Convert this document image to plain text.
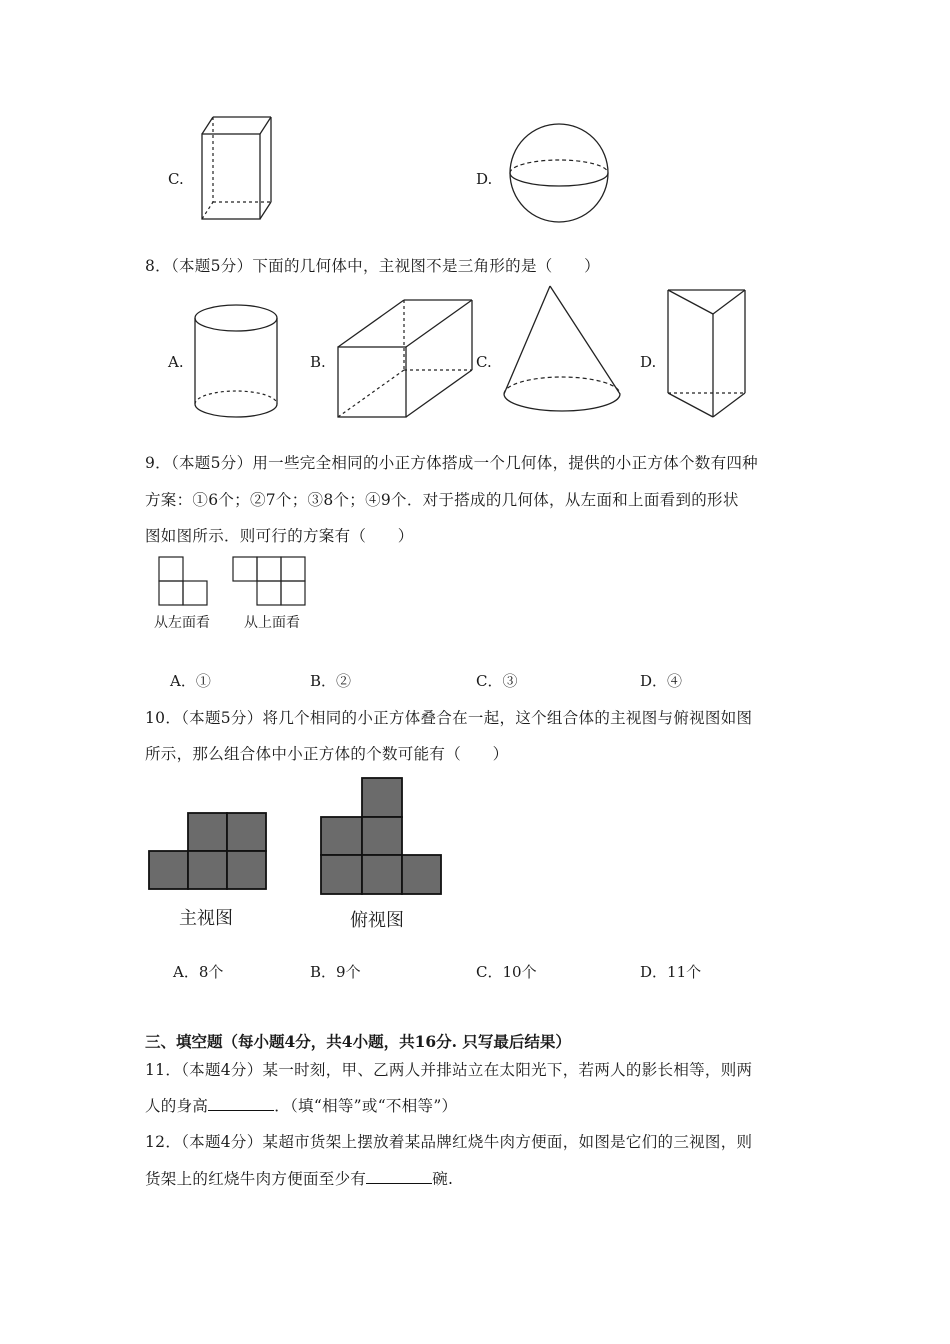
C.	D.
8．（本题5分）下面的几何体中，主视图不是三角形的是（　　）
A.	B.	C.	D.
9．（本题5分）用一些完全相同的小正方体搭成一个几何体，提供的小正方体个数有四种
方案：①6个；②7个；③8个；④9个．对于搭成的几何体，从左面和上面看到的形状
图如图所示．则可行的方案有（　　）
从左面看 从上面看
A．①	B．②	C．③	D．④
10．（本题5分）将几个相同的小正方体叠合在一起，这个组合体的主视图与俯视图如图
所示，那么组合体中小正方体的个数可能有（　　）
主视图	俯视图
A．8个	B．9个	C．10个	D．11个
三、填空题（每小题4分，共4小题，共16分. 只写最后结果）
11．（本题4分）某一时刻，甲、乙两人并排站立在太阳光下，若两人的影长相等，则两
人的身高	．（填“相等”或“不相等”）
12．（本题4分）某超市货架上摆放着某品牌红烧牛肉方便面，如图是它们的三视图，则
货架上的红烧牛肉方便面至少有	碗.
